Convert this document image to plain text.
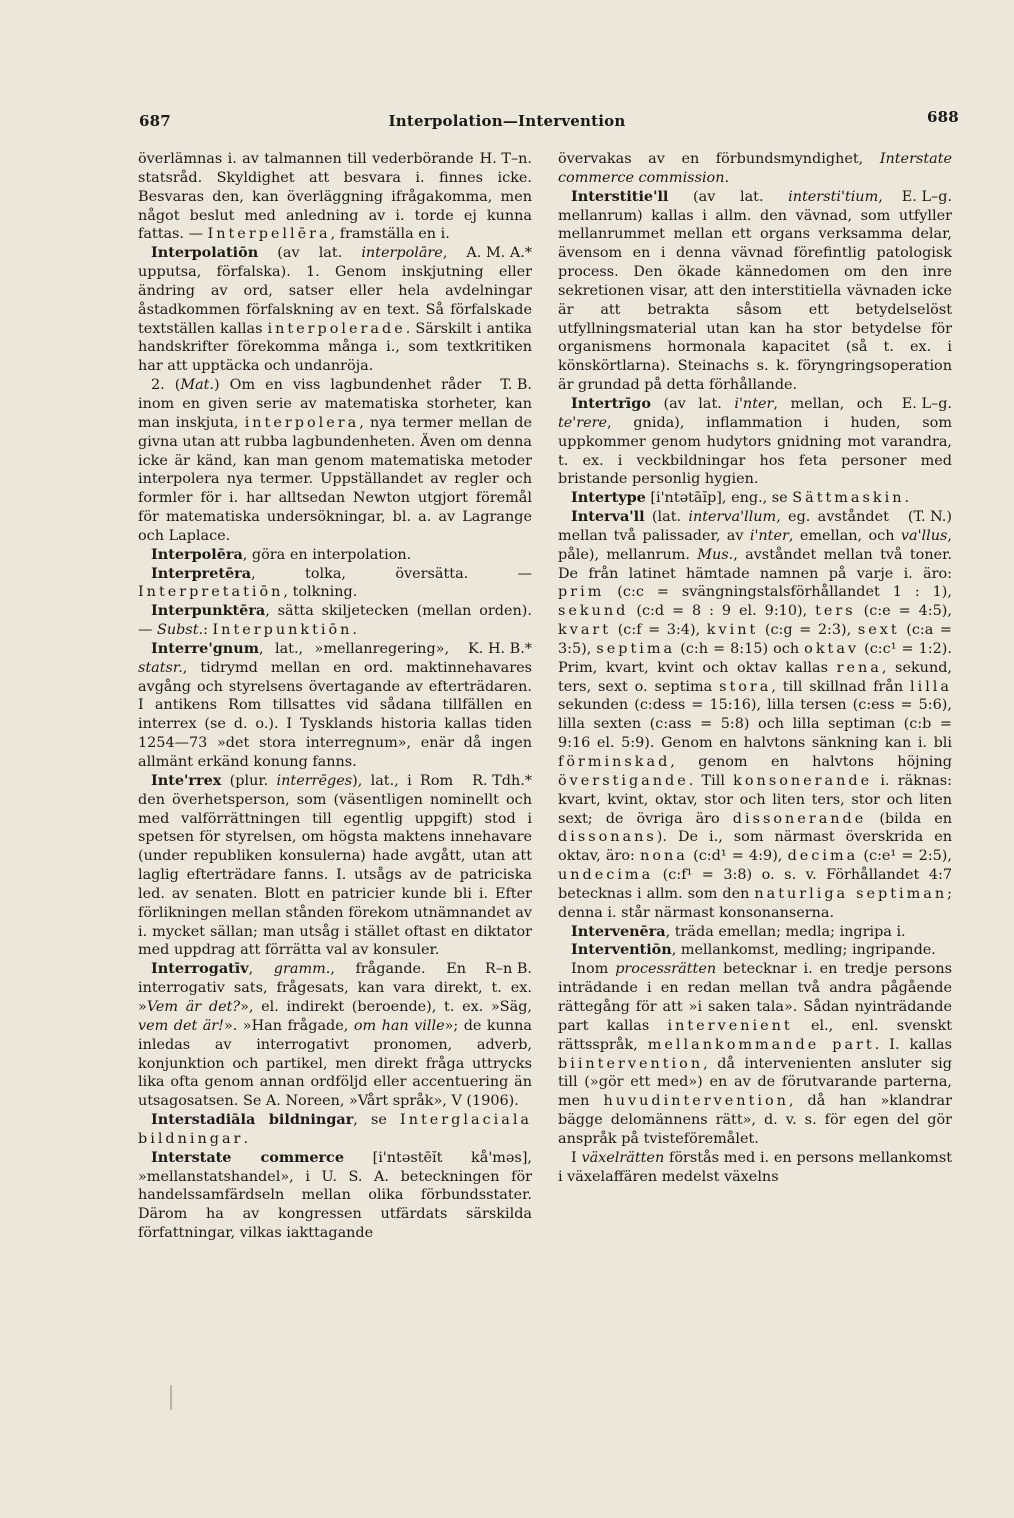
687	Interpolation—Intervention	688

H. T–n.
överlämnas i. av talmannen till vederbörande statsråd. Skyldighet att besvara i. finnes icke. Besvaras den, kan överläggning ifrågakomma, men något beslut med anledning av i. torde ej kunna fattas. — Interpellēra, framställa en i.

A. M. A.*
Interpolatiōn (av lat. interpolāre, upputsa, förfalska). 1. Genom inskjutning eller ändring av ord, satser eller hela avdelningar åstadkommen förfalskning av en text. Så förfalskade textställen kallas interpolerade. Särskilt i antika handskrifter förekomma många i., som textkritiken har att upptäcka och undanröja.

T. B.
2. (Mat.) Om en viss lagbundenhet råder inom en given serie av matematiska storheter, kan man inskjuta, interpolera, nya termer mellan de givna utan att rubba lagbundenheten. Även om denna icke är känd, kan man genom matematiska metoder interpolera nya termer. Uppställandet av regler och formler för i. har alltsedan Newton utgjort föremål för matematiska undersökningar, bl. a. av Lagrange och Laplace.

Interpolēra, göra en interpolation.

Interpretēra, tolka, översätta. — Interpretatiōn, tolkning.

Interpunktēra, sätta skiljetecken (mellan orden). — Subst.: Interpunktiōn.

K. H. B.*
Interre'gnum, lat., »mellanregering», statsr., tidrymd mellan en ord. maktinnehavares avgång och styrelsens övertagande av efterträdaren. I antikens Rom tillsattes vid sådana tillfällen en interrex (se d. o.). I Tysklands historia kallas tiden 1254—73 »det stora interregnum», enär då ingen allmänt erkänd konung fanns.

R. Tdh.*
Inte'rrex (plur. interrēges), lat., i Rom den överhetsperson, som (väsentligen nominellt och med valförrättningen till egentlig uppgift) stod i spetsen för styrelsen, om högsta maktens innehavare (under republiken konsulerna) hade avgått, utan att laglig efterträdare fanns. I. utsågs av de patriciska led. av senaten. Blott en patricier kunde bli i. Efter förlikningen mellan stånden förekom utnämnandet av i. mycket sällan; man utsåg i stället oftast en diktator med uppdrag att förrätta val av konsuler.

R–n B.
Interrogatīv, gramm., frågande. En interrogativ sats, frågesats, kan vara direkt, t. ex. »Vem är det?», el. indirekt (beroende), t. ex. »Säg, vem det är!». »Han frågade, om han ville»; de kunna inledas av interrogativt pronomen, adverb, konjunktion och partikel, men direkt fråga uttrycks lika ofta genom annan ordföljd eller accentuering än utsagosatsen. Se A. Noreen, »Vårt språk», V (1906).

Interstadiāla bildningar, se Interglaciala bildningar.

Interstate commerce [i'ntəstēĭt kå'məs], »mellanstatshandel», i U. S. A. beteckningen för handelssamfärdseln mellan olika förbundsstater. Därom ha av kongressen utfärdats särskilda författningar, vilkas iakttagande

övervakas av en förbundsmyndighet, Interstate commerce commission.

E. L–g.
Interstitie'll (av lat. intersti'tium, mellanrum) kallas i allm. den vävnad, som utfyller mellanrummet mellan ett organs verksamma delar, ävensom en i denna vävnad förefintlig patologisk process. Den ökade kännedomen om den inre sekretionen visar, att den interstitiella vävnaden icke är att betrakta såsom ett betydelselöst utfyllningsmaterial utan kan ha stor betydelse för organismens hormonala kapacitet (så t. ex. i könskörtlarna). Steinachs s. k. föryngringsoperation är grundad på detta förhållande.

E. L–g.
Intertrīgo (av lat. i'nter, mellan, och te'rere, gnida), inflammation i huden, som uppkommer genom hudytors gnidning mot varandra, t. ex. i veckbildningar hos feta personer med bristande personlig hygien.

Intertype [i'ntətāĭp], eng., se Sättmaskin.

(T. N.)
Interva'll (lat. interva'llum, eg. avståndet mellan två palissader, av i'nter, emellan, och va'llus, påle), mellanrum. Mus., avståndet mellan två toner. De från latinet hämtade namnen på varje i. äro: prim (c:c = svängningstalsförhållandet 1 : 1), sekund (c:d = 8 : 9 el. 9:10), ters (c:e = 4:5), kvart (c:f = 3:4), kvint (c:g = 2:3), sext (c:a = 3:5), septima (c:h = 8:15) och oktav (c:c¹ = 1:2). Prim, kvart, kvint och oktav kallas rena, sekund, ters, sext o. septima stora, till skillnad från lilla sekunden (c:dess = 15:16), lilla tersen (c:ess = 5:6), lilla sexten (c:ass = 5:8) och lilla septiman (c:b = 9:16 el. 5:9). Genom en halvtons sänkning kan i. bli förminskad, genom en halvtons höjning överstigande. Till konsonerande i. räknas: kvart, kvint, oktav, stor och liten ters, stor och liten sext; de övriga äro dissonerande (bilda en dissonans). De i., som närmast överskrida en oktav, äro: nona (c:d¹ = 4:9), decima (c:e¹ = 2:5), undecima (c:f¹ = 3:8) o. s. v. Förhållandet 4:7 betecknas i allm. som den naturliga septiman; denna i. står närmast konsonanserna.

Intervenēra, träda emellan; medla; ingripa i.

Interventiōn, mellankomst, medling; ingripande.

Inom processrätten betecknar i. en tredje persons inträdande i en redan mellan två andra pågående rättegång för att »i saken tala». Sådan nyinträdande part kallas intervenient el., enl. svenskt rättsspråk, mellankommande part. I. kallas biintervention, då intervenienten ansluter sig till (»gör ett med») en av de förutvarande parterna, men huvudintervention, då han »klandrar bägge delomännens rätt», d. v. s. för egen del gör anspråk på tvisteföremålet.

I växelrätten förstås med i. en persons mellankomst i växelaffären medelst växelns
